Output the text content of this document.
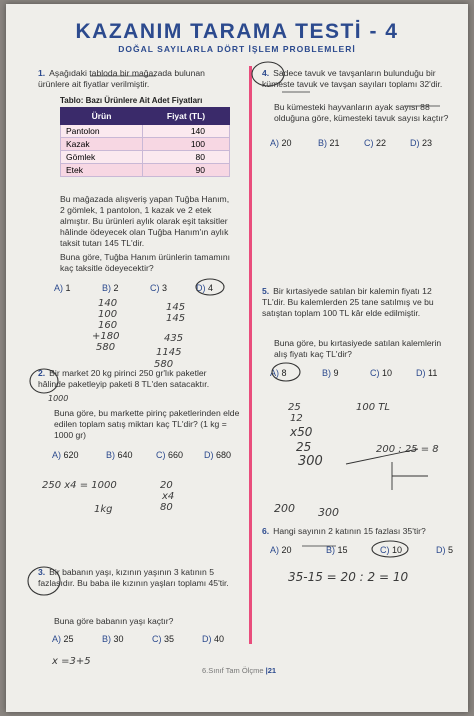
KAZANIM TARAMA TESTİ - 4
DOĞAL SAYILARLA DÖRT İŞLEM PROBLEMLERİ
1. Aşağıdaki tabloda bir mağazada bulunan ürünlere ait fiyatlar verilmiştir.
Tablo: Bazı Ürünlere Ait Adet Fiyatları
Ürün	Fiyat (TL)
Pantolon	140
Kazak	100
Gömlek	80
Etek	90
Bu mağazada alışveriş yapan Tuğba Hanım, 2 gömlek, 1 pantolon, 1 kazak ve 2 etek almıştır. Bu ürünleri aylık olarak eşit taksitler hâlinde ödeyecek olan Tuğba Hanım'ın aylık taksit tutarı 145 TL'dir.
Buna göre, Tuğba Hanım ürünlerin tamamını kaç taksitle ödeyecektir?
A) 1	B) 2	C) 3	D) 4
2. Bir market 20 kg pirinci 250 gr'lık paketler hâlinde paketleyip paketi 8 TL'den satacaktır.
Buna göre, bu markette pirinç paketlerinden elde edilen toplam satış miktarı kaç TL'dir? (1 kg = 1000 gr)
A) 620	B) 640	C) 660	D) 680
3. Bir babanın yaşı, kızının yaşının 3 katının 5 fazlasıdır. Bu baba ile kızının yaşları toplamı 45'tir.
Buna göre babanın yaşı kaçtır?
A) 25	B) 30	C) 35	D) 40
4. Sadece tavuk ve tavşanların bulunduğu bir kümeste tavuk ve tavşan sayıları toplamı 32'dir.
Bu kümesteki hayvanların ayak sayısı 88 olduğuna göre, kümesteki tavuk sayısı kaçtır?
A) 20	B) 21	C) 22	D) 23
5. Bir kırtasiyede satılan bir kalemin fiyatı 12 TL'dir. Bu kalemlerden 25 tane satılmış ve bu satıştan toplam 100 TL kâr elde edilmiştir.
Buna göre, bu kırtasiyede satılan kalemlerin alış fiyatı kaç TL'dir?
A) 8	B) 9	C) 10	D) 11
6. Hangi sayının 2 katının 15 fazlası 35'tir?
A) 20	B) 15	C) 10	D) 5
140
100
160
+180
580
145
145
435
1145
580
1000
250 x4 = 1000
1kg
20
x4
80
x =3+5
25
12
x50
25
300
100 TL
200 300
200 : 25 = 8
35-15 = 20 : 2 = 10
6.Sınıf Tam Ölçme |21
